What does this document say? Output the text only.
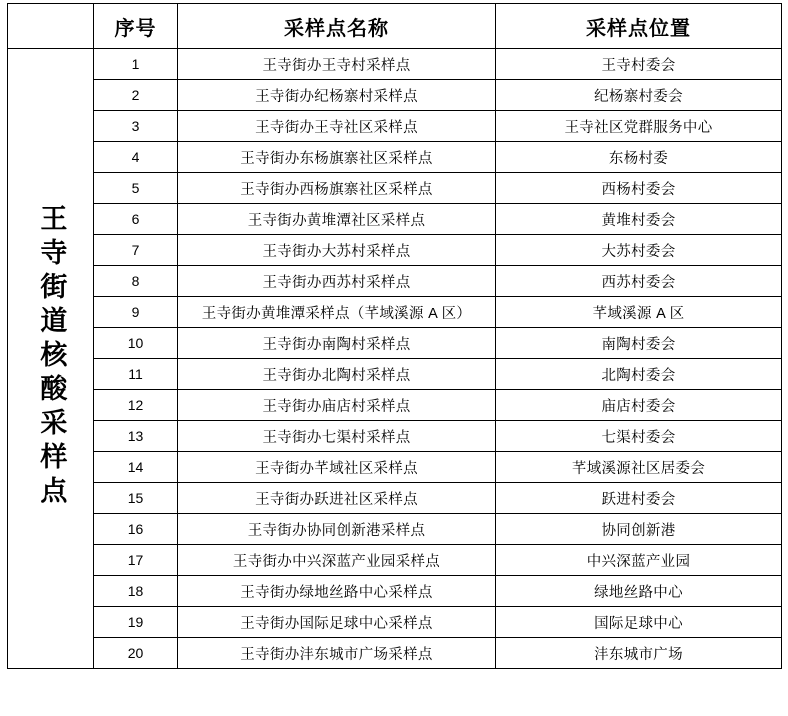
	序号	采样点名称	采样点位置
王寺街道核酸采样点	1	王寺街办王寺村采样点	王寺村委会
	2	王寺街办纪杨寨村采样点	纪杨寨村委会
	3	王寺街办王寺社区采样点	王寺社区党群服务中心
	4	王寺街办东杨旗寨社区采样点	东杨村委
	5	王寺街办西杨旗寨社区采样点	西杨村委会
	6	王寺街办黄堆潭社区采样点	黄堆村委会
	7	王寺街办大苏村采样点	大苏村委会
	8	王寺街办西苏村采样点	西苏村委会
	9	王寺街办黄堆潭采样点（芊域溪源 A 区）	芊域溪源 A 区
	10	王寺街办南陶村采样点	南陶村委会
	11	王寺街办北陶村采样点	北陶村委会
	12	王寺街办庙店村采样点	庙店村委会
	13	王寺街办七渠村采样点	七渠村委会
	14	王寺街办芊域社区采样点	芊域溪源社区居委会
	15	王寺街办跃进社区采样点	跃进村委会
	16	王寺街办协同创新港采样点	协同创新港
	17	王寺街办中兴深蓝产业园采样点	中兴深蓝产业园
	18	王寺街办绿地丝路中心采样点	绿地丝路中心
	19	王寺街办国际足球中心采样点	国际足球中心
	20	王寺街办沣东城市广场采样点	沣东城市广场
